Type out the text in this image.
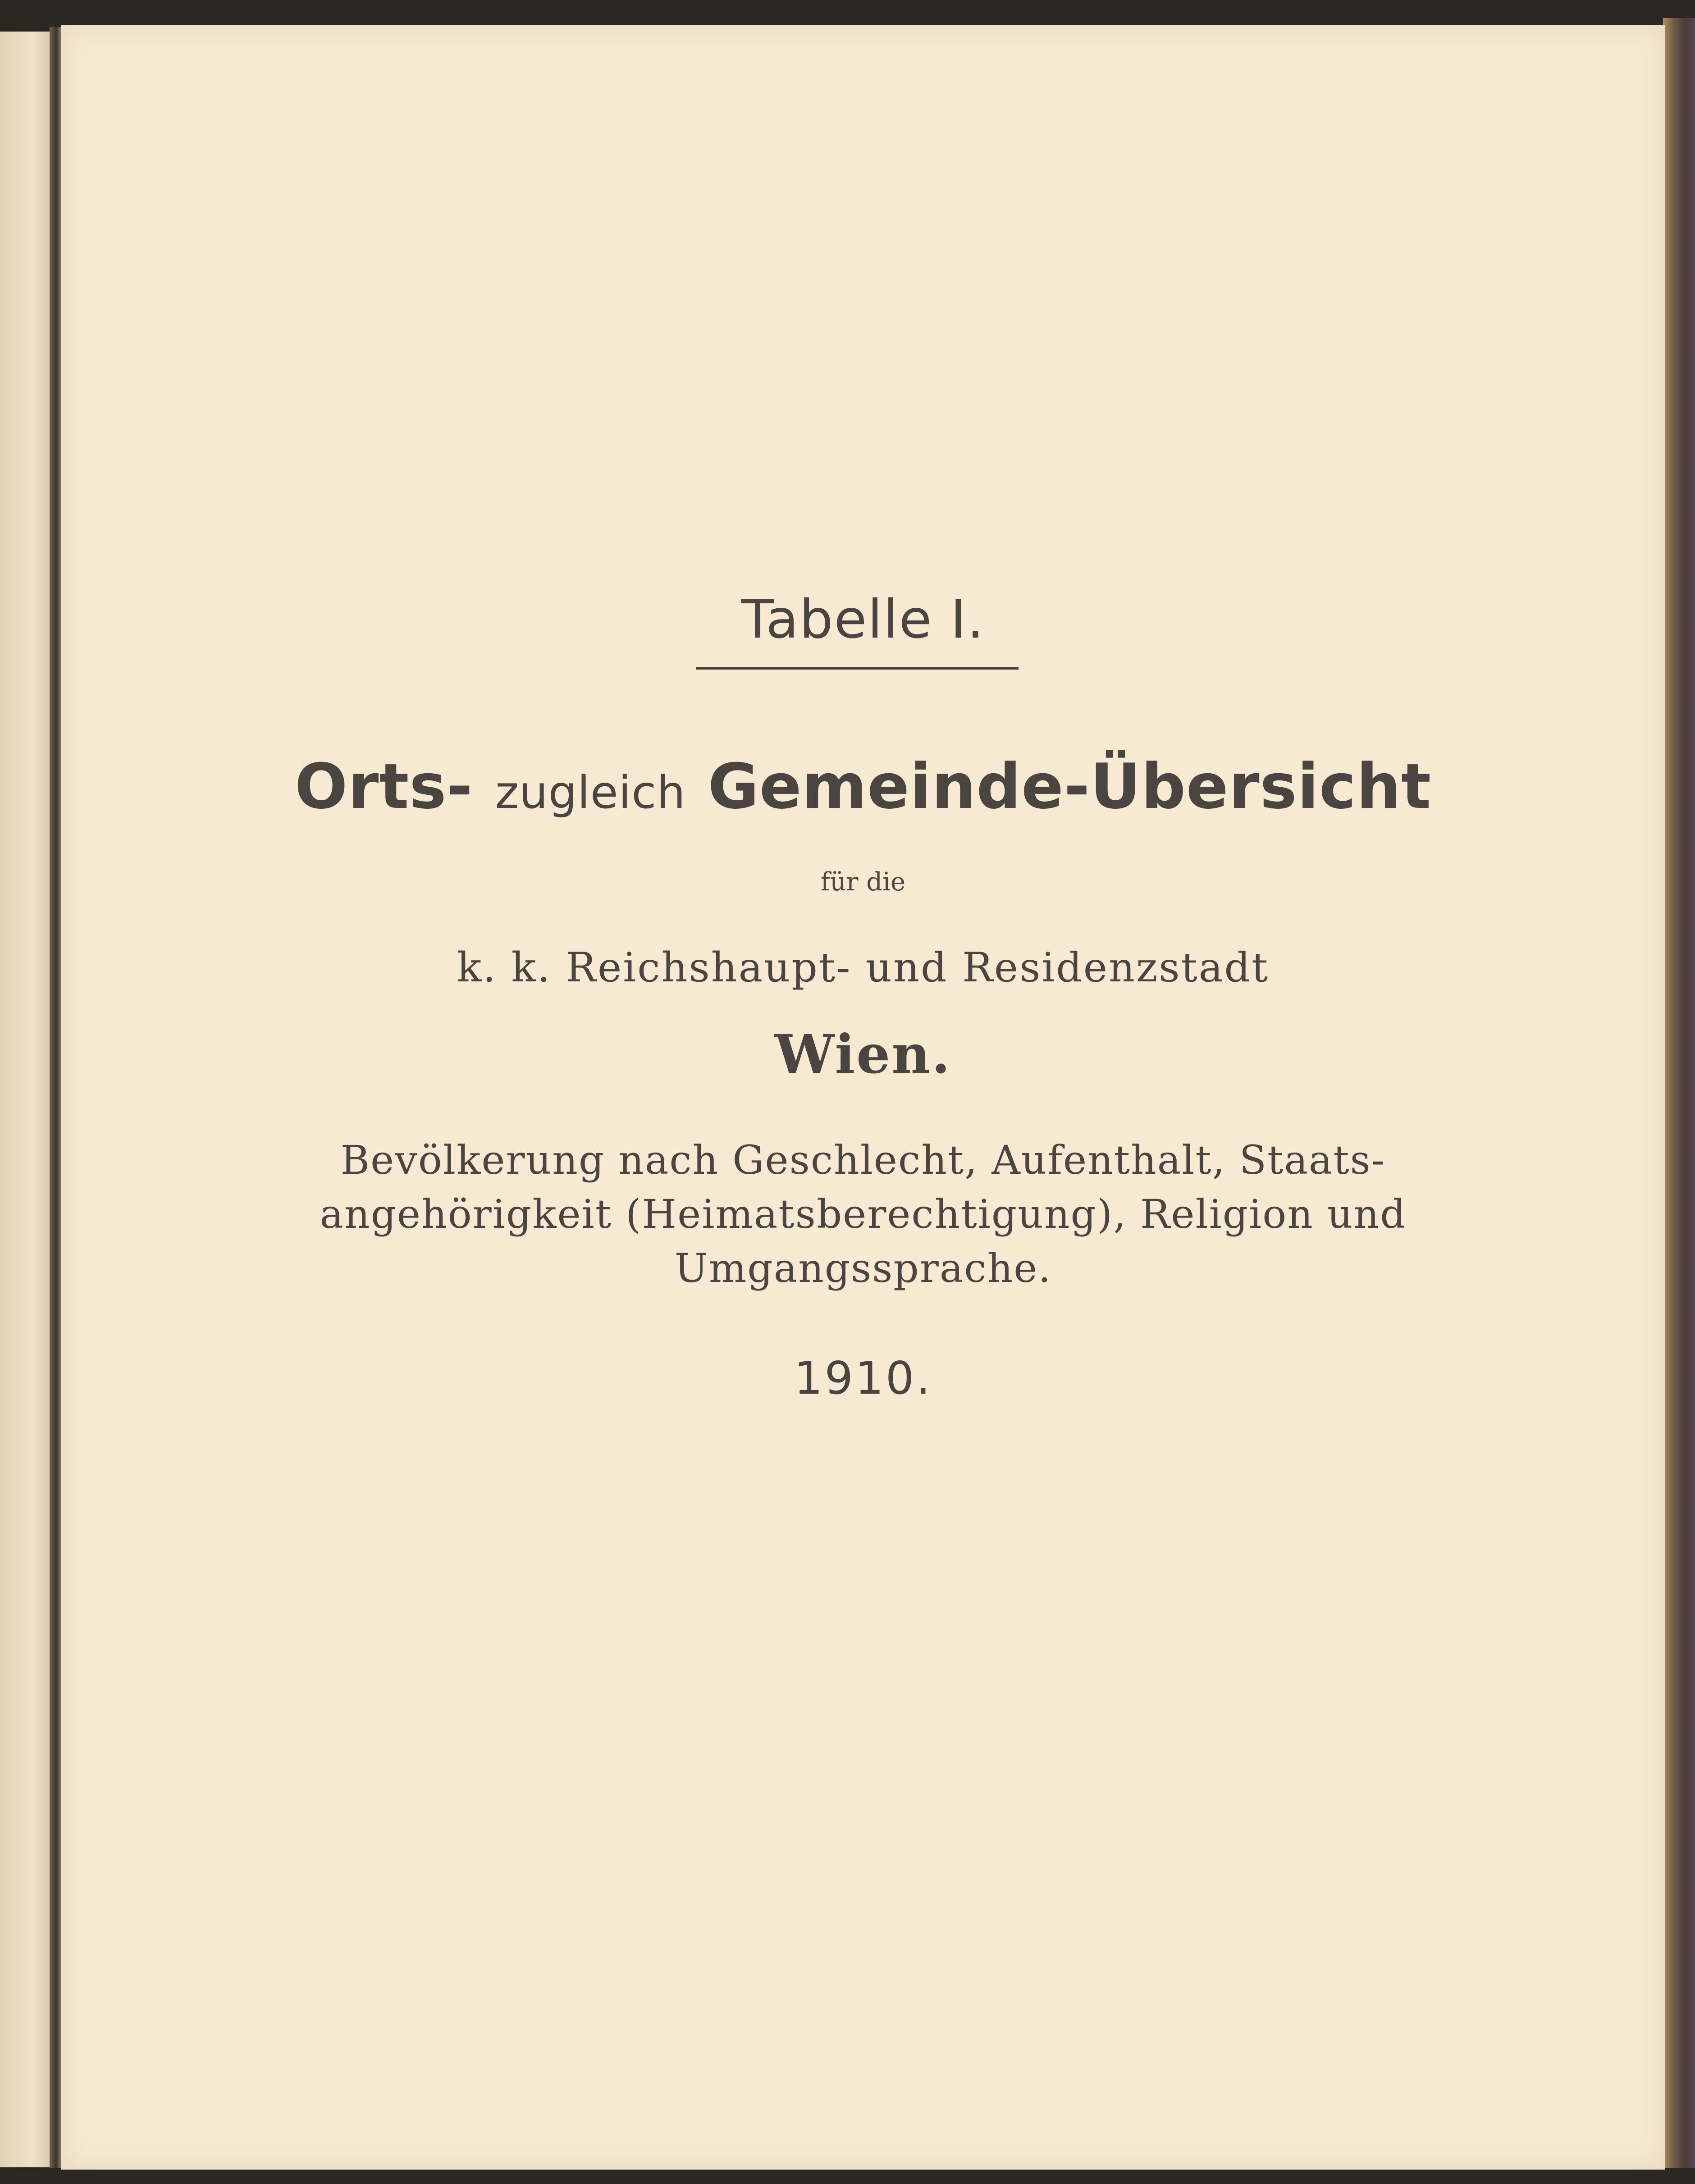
Tabelle I.
Orts- zugleich Gemeinde-Übersicht
für die
k. k. Reichshaupt- und Residenzstadt
Wien.
Bevölkerung nach Geschlecht, Aufenthalt, Staats-
angehörigkeit (Heimatsberechtigung), Religion und
Umgangssprache.
1910.
